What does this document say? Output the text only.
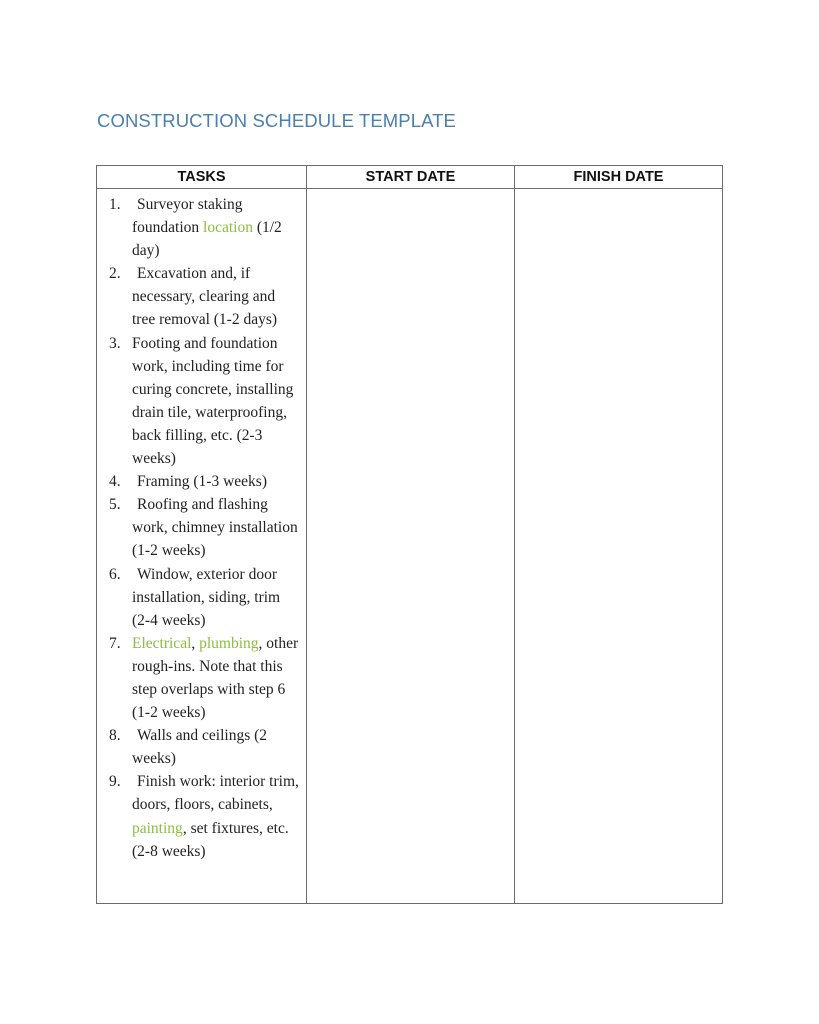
CONSTRUCTION SCHEDULE TEMPLATE
TASKS	START DATE	FINISH DATE

1. Surveyor staking foundation location (1/2 day)
2. Excavation and, if necessary, clearing and tree removal (1-2 days)
3. Footing and foundation work, including time for curing concrete, installing drain tile, waterproofing, back filling, etc. (2-3 weeks)
4. Framing (1-3 weeks)
5. Roofing and flashing work, chimney installation (1-2 weeks)
6. Window, exterior door installation, siding, trim (2-4 weeks)
7. Electrical, plumbing, other rough-ins. Note that this step overlaps with step 6 (1-2 weeks)
8. Walls and ceilings (2 weeks)
9. Finish work: interior trim, doors, floors, cabinets, painting, set fixtures, etc. (2-8 weeks)
